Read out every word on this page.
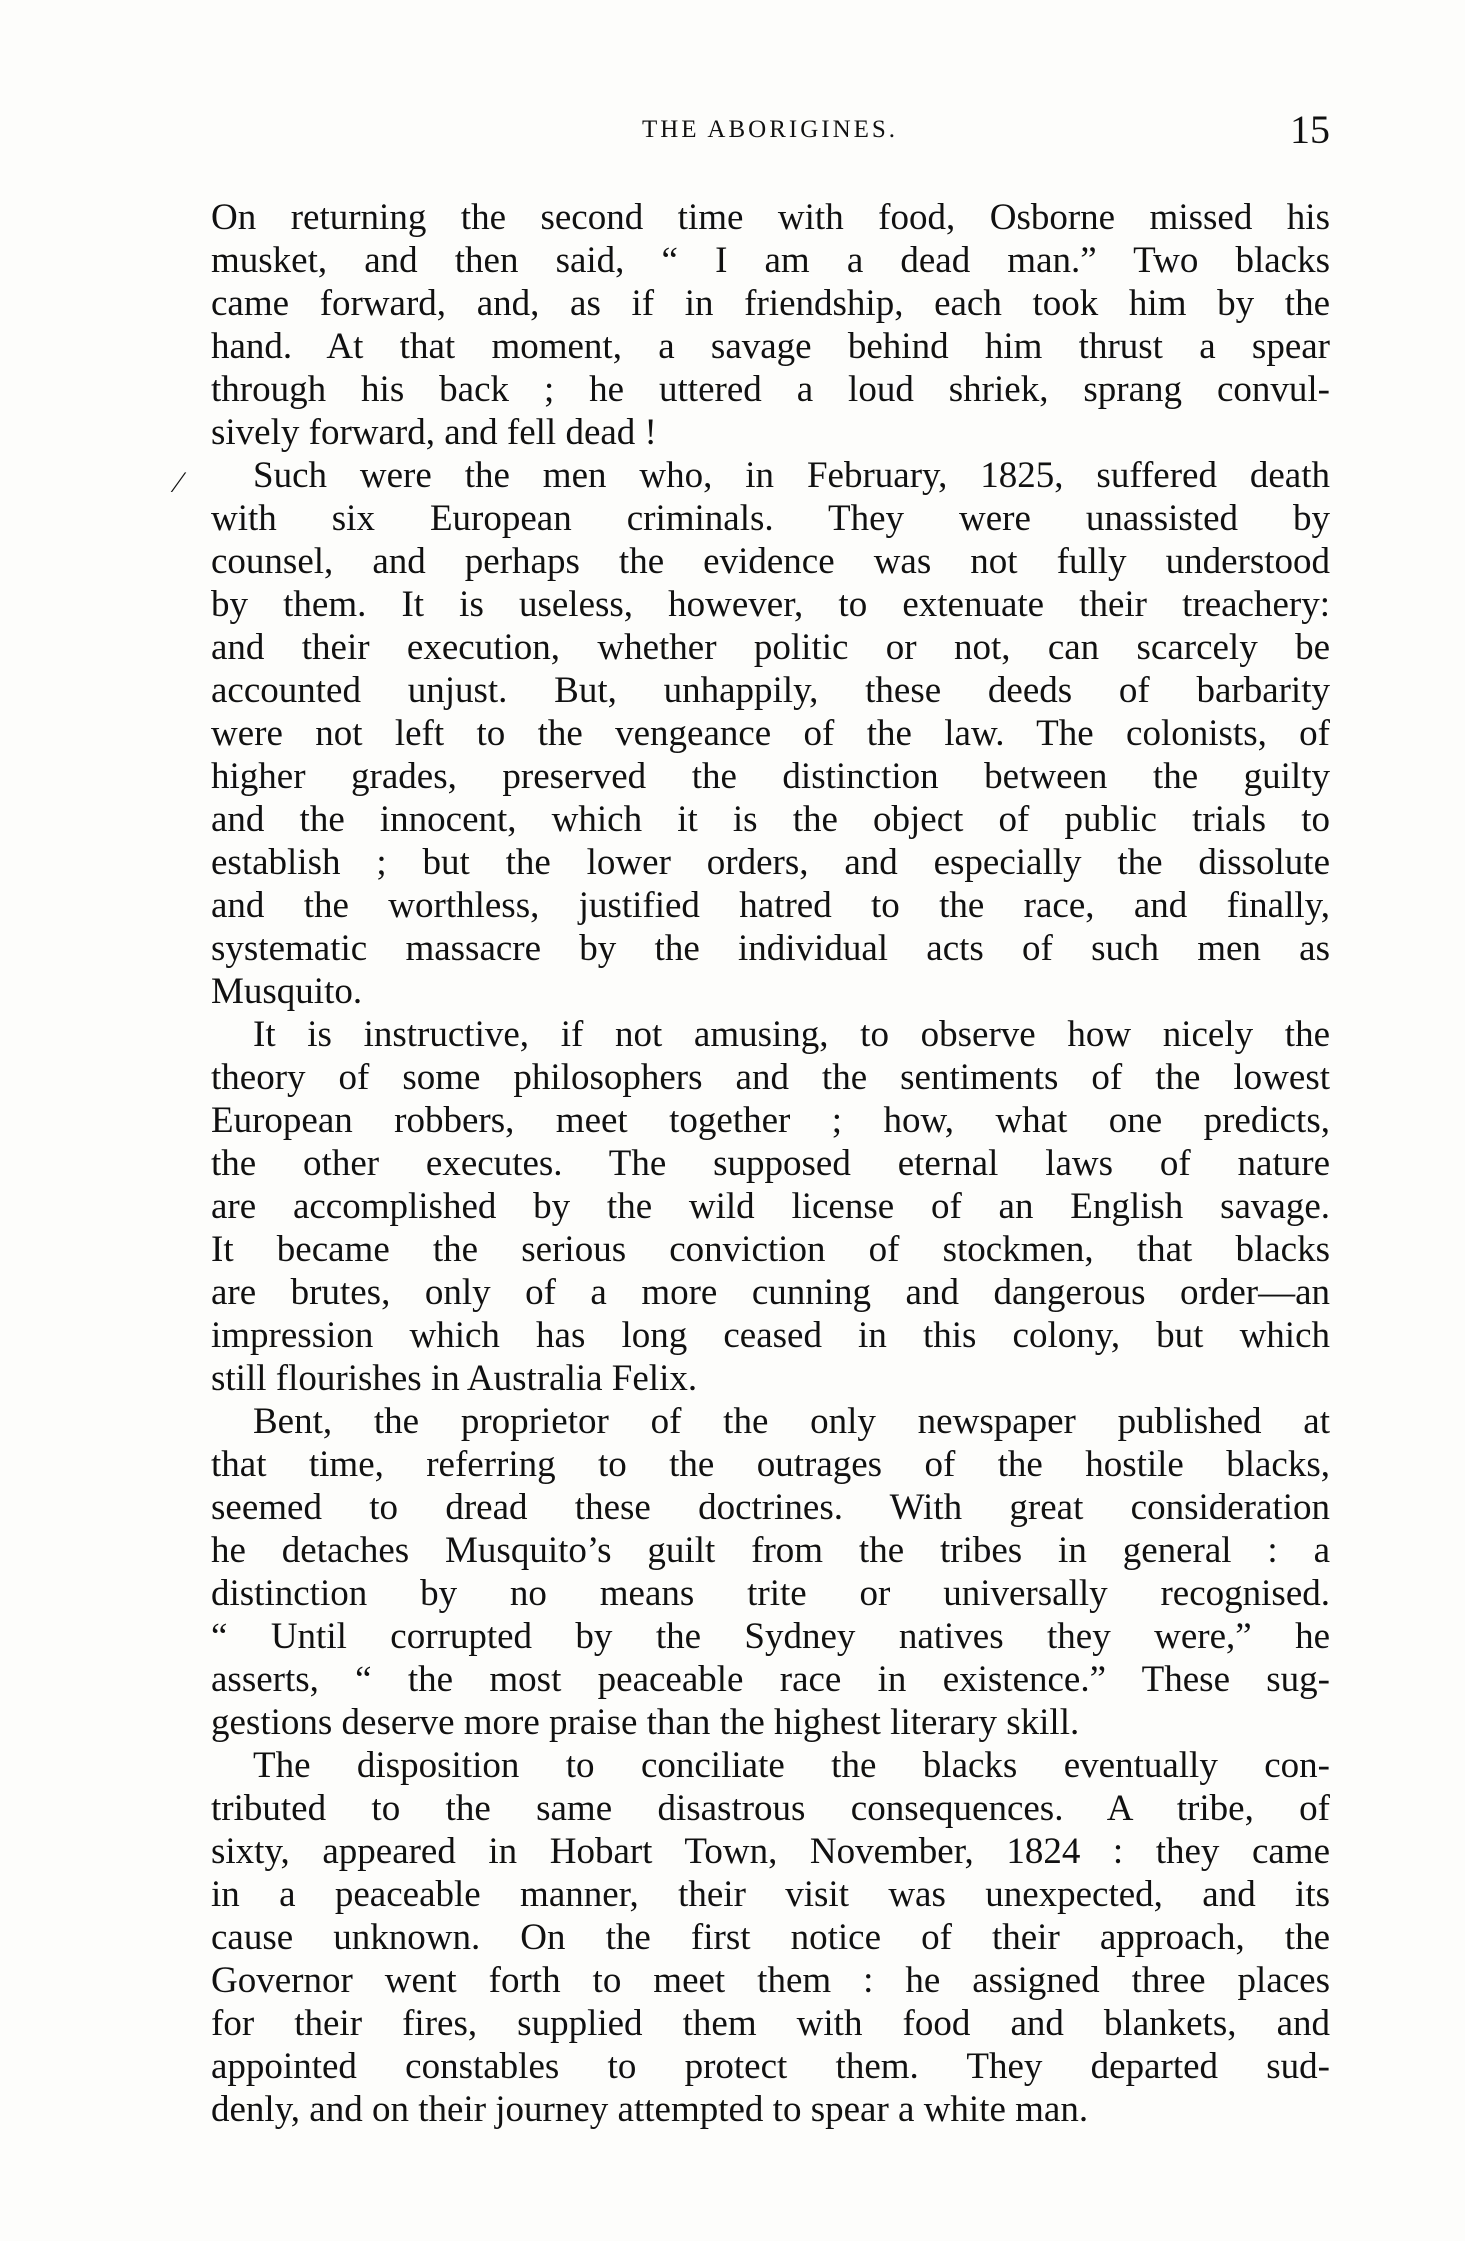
THE ABORIGINES.	15
∕
On returning the second time with food, Osborne missed his
musket, and then said, “ I am a dead man.” Two blacks
came forward, and, as if in friendship, each took him by the
hand. At that moment, a savage behind him thrust a spear
through his back ; he uttered a loud shriek, sprang convul-
sively forward, and fell dead !
Such were the men who, in February, 1825, suffered death
with six European criminals. They were unassisted by
counsel, and perhaps the evidence was not fully understood
by them. It is useless, however, to extenuate their treachery:
and their execution, whether politic or not, can scarcely be
accounted unjust. But, unhappily, these deeds of barbarity
were not left to the vengeance of the law. The colonists, of
higher grades, preserved the distinction between the guilty
and the innocent, which it is the object of public trials to
establish ; but the lower orders, and especially the dissolute
and the worthless, justified hatred to the race, and finally,
systematic massacre by the individual acts of such men as
Musquito.
It is instructive, if not amusing, to observe how nicely the
theory of some philosophers and the sentiments of the lowest
European robbers, meet together ; how, what one predicts,
the other executes. The supposed eternal laws of nature
are accomplished by the wild license of an English savage.
It became the serious conviction of stockmen, that blacks
are brutes, only of a more cunning and dangerous order—an
impression which has long ceased in this colony, but which
still flourishes in Australia Felix.
Bent, the proprietor of the only newspaper published at
that time, referring to the outrages of the hostile blacks,
seemed to dread these doctrines. With great consideration
he detaches Musquito’s guilt from the tribes in general : a
distinction by no means trite or universally recognised.
“ Until corrupted by the Sydney natives they were,” he
asserts, “ the most peaceable race in existence.” These sug-
gestions deserve more praise than the highest literary skill.
The disposition to conciliate the blacks eventually con-
tributed to the same disastrous consequences. A tribe, of
sixty, appeared in Hobart Town, November, 1824 : they came
in a peaceable manner, their visit was unexpected, and its
cause unknown. On the first notice of their approach, the
Governor went forth to meet them : he assigned three places
for their fires, supplied them with food and blankets, and
appointed constables to protect them. They departed sud-
denly, and on their journey attempted to spear a white man.
